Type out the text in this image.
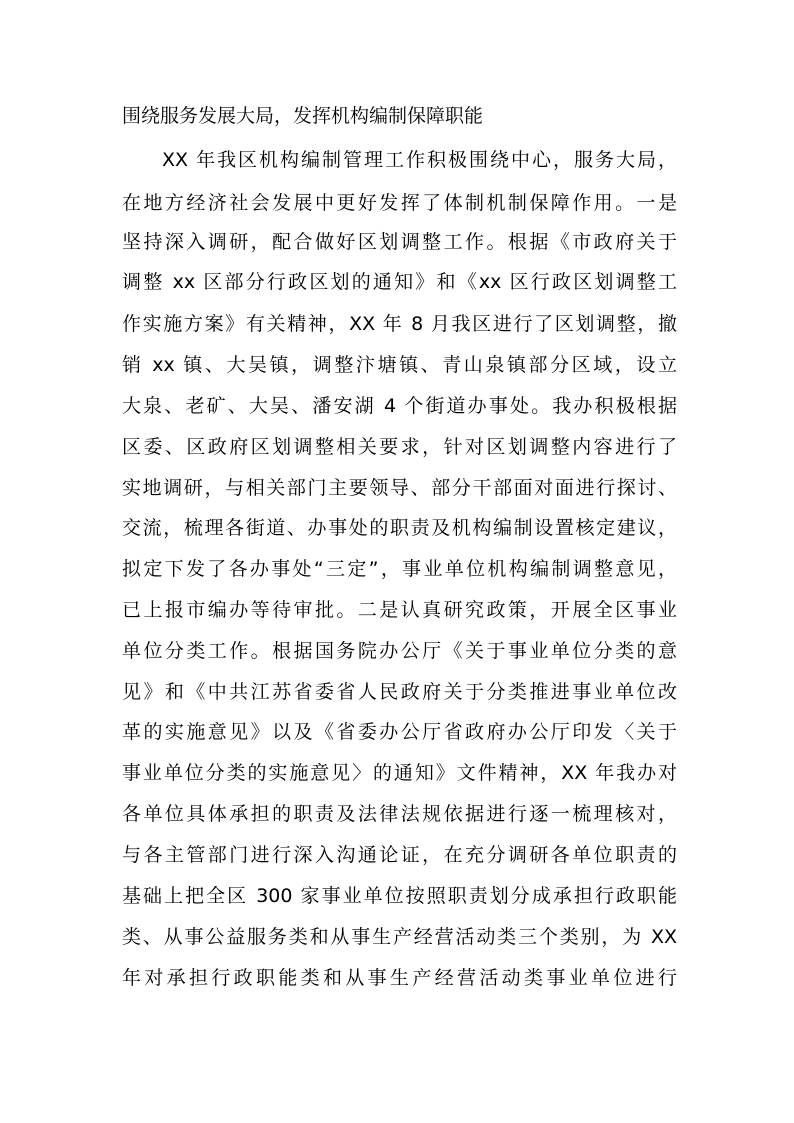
围绕服务发展大局，发挥机构编制保障职能
XX 年我区机构编制管理工作积极围绕中心，服务大局，
在地方经济社会发展中更好发挥了体制机制保障作用。一是
坚持深入调研，配合做好区划调整工作。根据《市政府关于
调整 xx 区部分行政区划的通知》和《xx 区行政区划调整工
作实施方案》有关精神，XX 年 8 月我区进行了区划调整，撤
销 xx 镇、大吴镇，调整汴塘镇、青山泉镇部分区域，设立
大泉、老矿、大吴、潘安湖 4 个街道办事处。我办积极根据
区委、区政府区划调整相关要求，针对区划调整内容进行了
实地调研，与相关部门主要领导、部分干部面对面进行探讨、
交流，梳理各街道、办事处的职责及机构编制设置核定建议，
拟定下发了各办事处“三定”，事业单位机构编制调整意见，
已上报市编办等待审批。二是认真研究政策，开展全区事业
单位分类工作。根据国务院办公厅《关于事业单位分类的意
见》和《中共江苏省委省人民政府关于分类推进事业单位改
革的实施意见》以及《省委办公厅省政府办公厅印发〈关于
事业单位分类的实施意见〉的通知》文件精神，XX 年我办对
各单位具体承担的职责及法律法规依据进行逐一梳理核对，
与各主管部门进行深入沟通论证，在充分调研各单位职责的
基础上把全区 300 家事业单位按照职责划分成承担行政职能
类、从事公益服务类和从事生产经营活动类三个类别，为 XX
年对承担行政职能类和从事生产经营活动类事业单位进行
